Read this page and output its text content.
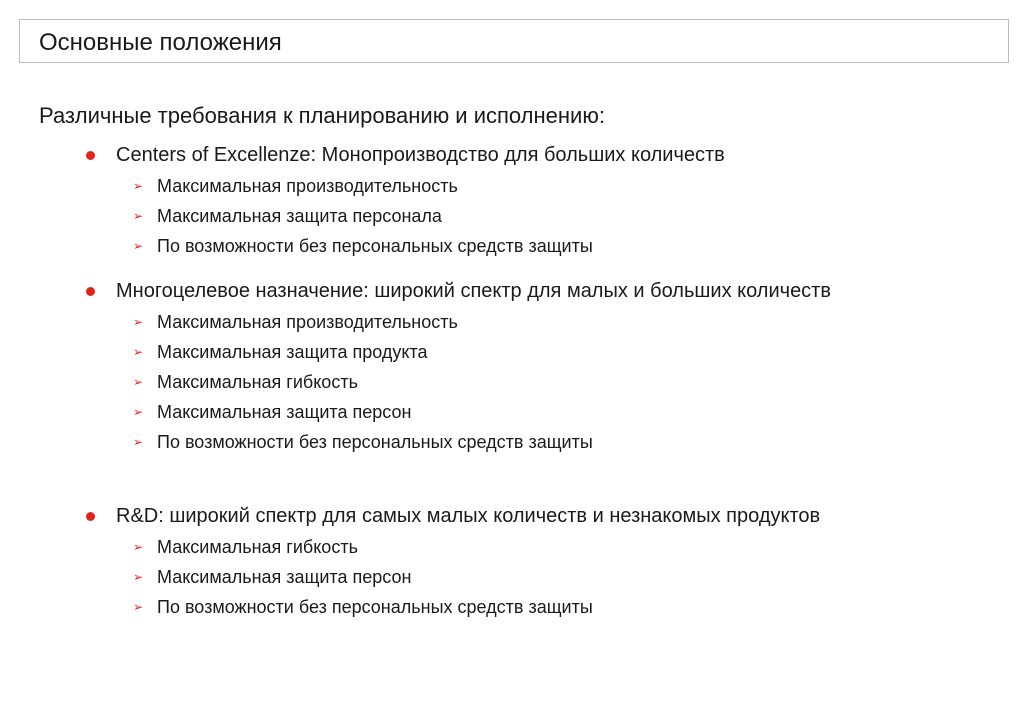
Основные положения
Различные требования к планированию и исполнению:
Centers of Excellenze: Монопроизводство для больших количеств
➢ Максимальная производительность
➢ Максимальная защита персонала
➢ По возможности без персональных средств защиты
Многоцелевое назначение: широкий спектр для малых и больших количеств
➢ Максимальная производительность
➢ Максимальная защита продукта
➢ Максимальная гибкость
➢ Максимальная защита персон
➢ По возможности без персональных средств защиты
R&D: широкий спектр для самых малых количеств и незнакомых продуктов
➢ Максимальная гибкость
➢ Максимальная защита персон
➢ По возможности без персональных средств защиты
